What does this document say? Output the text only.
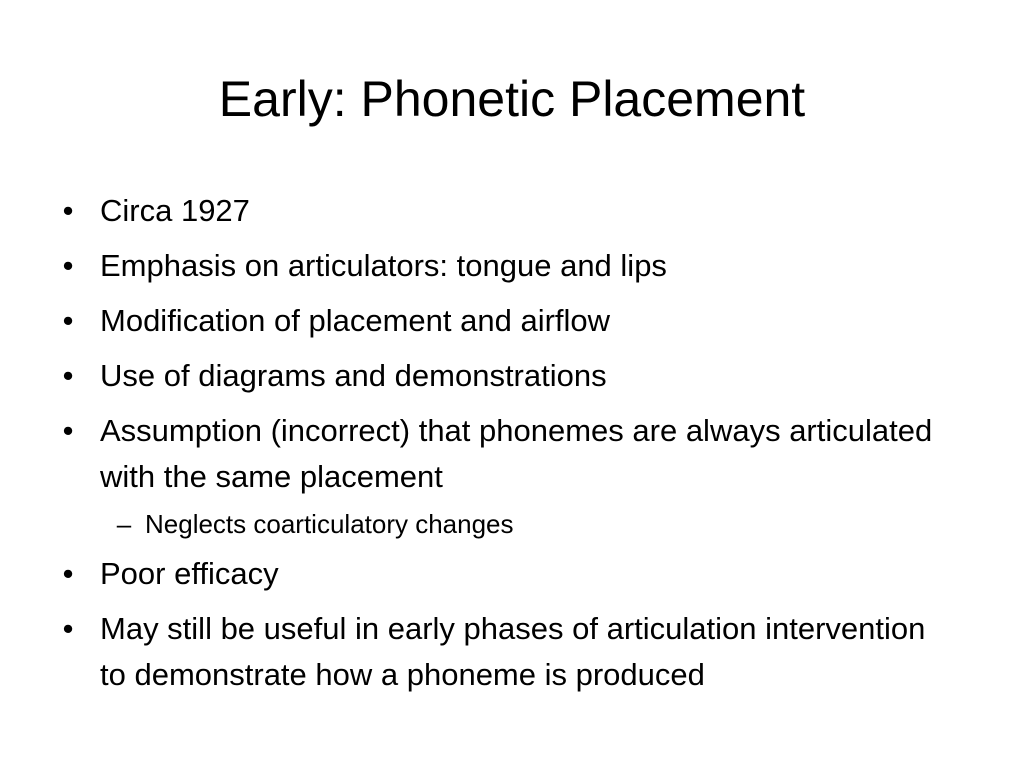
Early: Phonetic Placement
• Circa 1927
• Emphasis on articulators: tongue and lips
• Modification of placement and airflow
• Use of diagrams and demonstrations
• Assumption (incorrect) that phonemes are always articulated with the same placement
– Neglects coarticulatory changes
• Poor efficacy
• May still be useful in early phases of articulation intervention to demonstrate how a phoneme is produced
